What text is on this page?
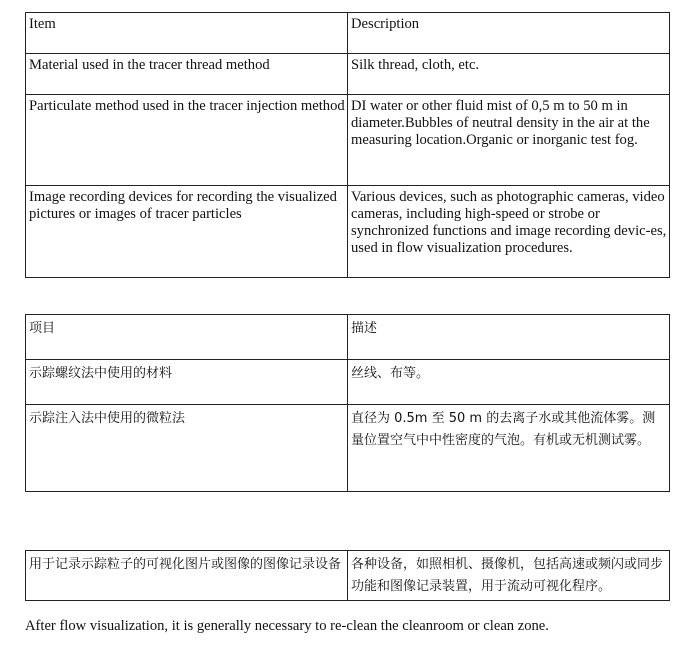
Item	Description
Material used in the tracer thread method	Silk thread, cloth, etc.
Particulate method used in the tracer injection method	DI water or other fluid mist of 0,5 m to 50 m in diameter.Bubbles of neutral density in the air at the measuring location.Organic or inorganic test fog.
Image recording devices for recording the visualized pictures or images of tracer particles	Various devices, such as photographic cameras, video cameras, including high-speed or strobe or synchronized functions and image recording devic-es, used in flow visualization procedures.
项目	描述
示踪螺纹法中使用的材料	丝线、布等。
示踪注入法中使用的微粒法	直径为 0.5m 至 50 m 的去离子水或其他流体雾。测量位置空气中中性密度的气泡。有机或无机测试雾。
用于记录示踪粒子的可视化图片或图像的图像记录设备	各种设备，如照相机、摄像机，包括高速或频闪或同步功能和图像记录装置，用于流动可视化程序。
After flow visualization, it is generally necessary to re-clean the cleanroom or clean zone.
